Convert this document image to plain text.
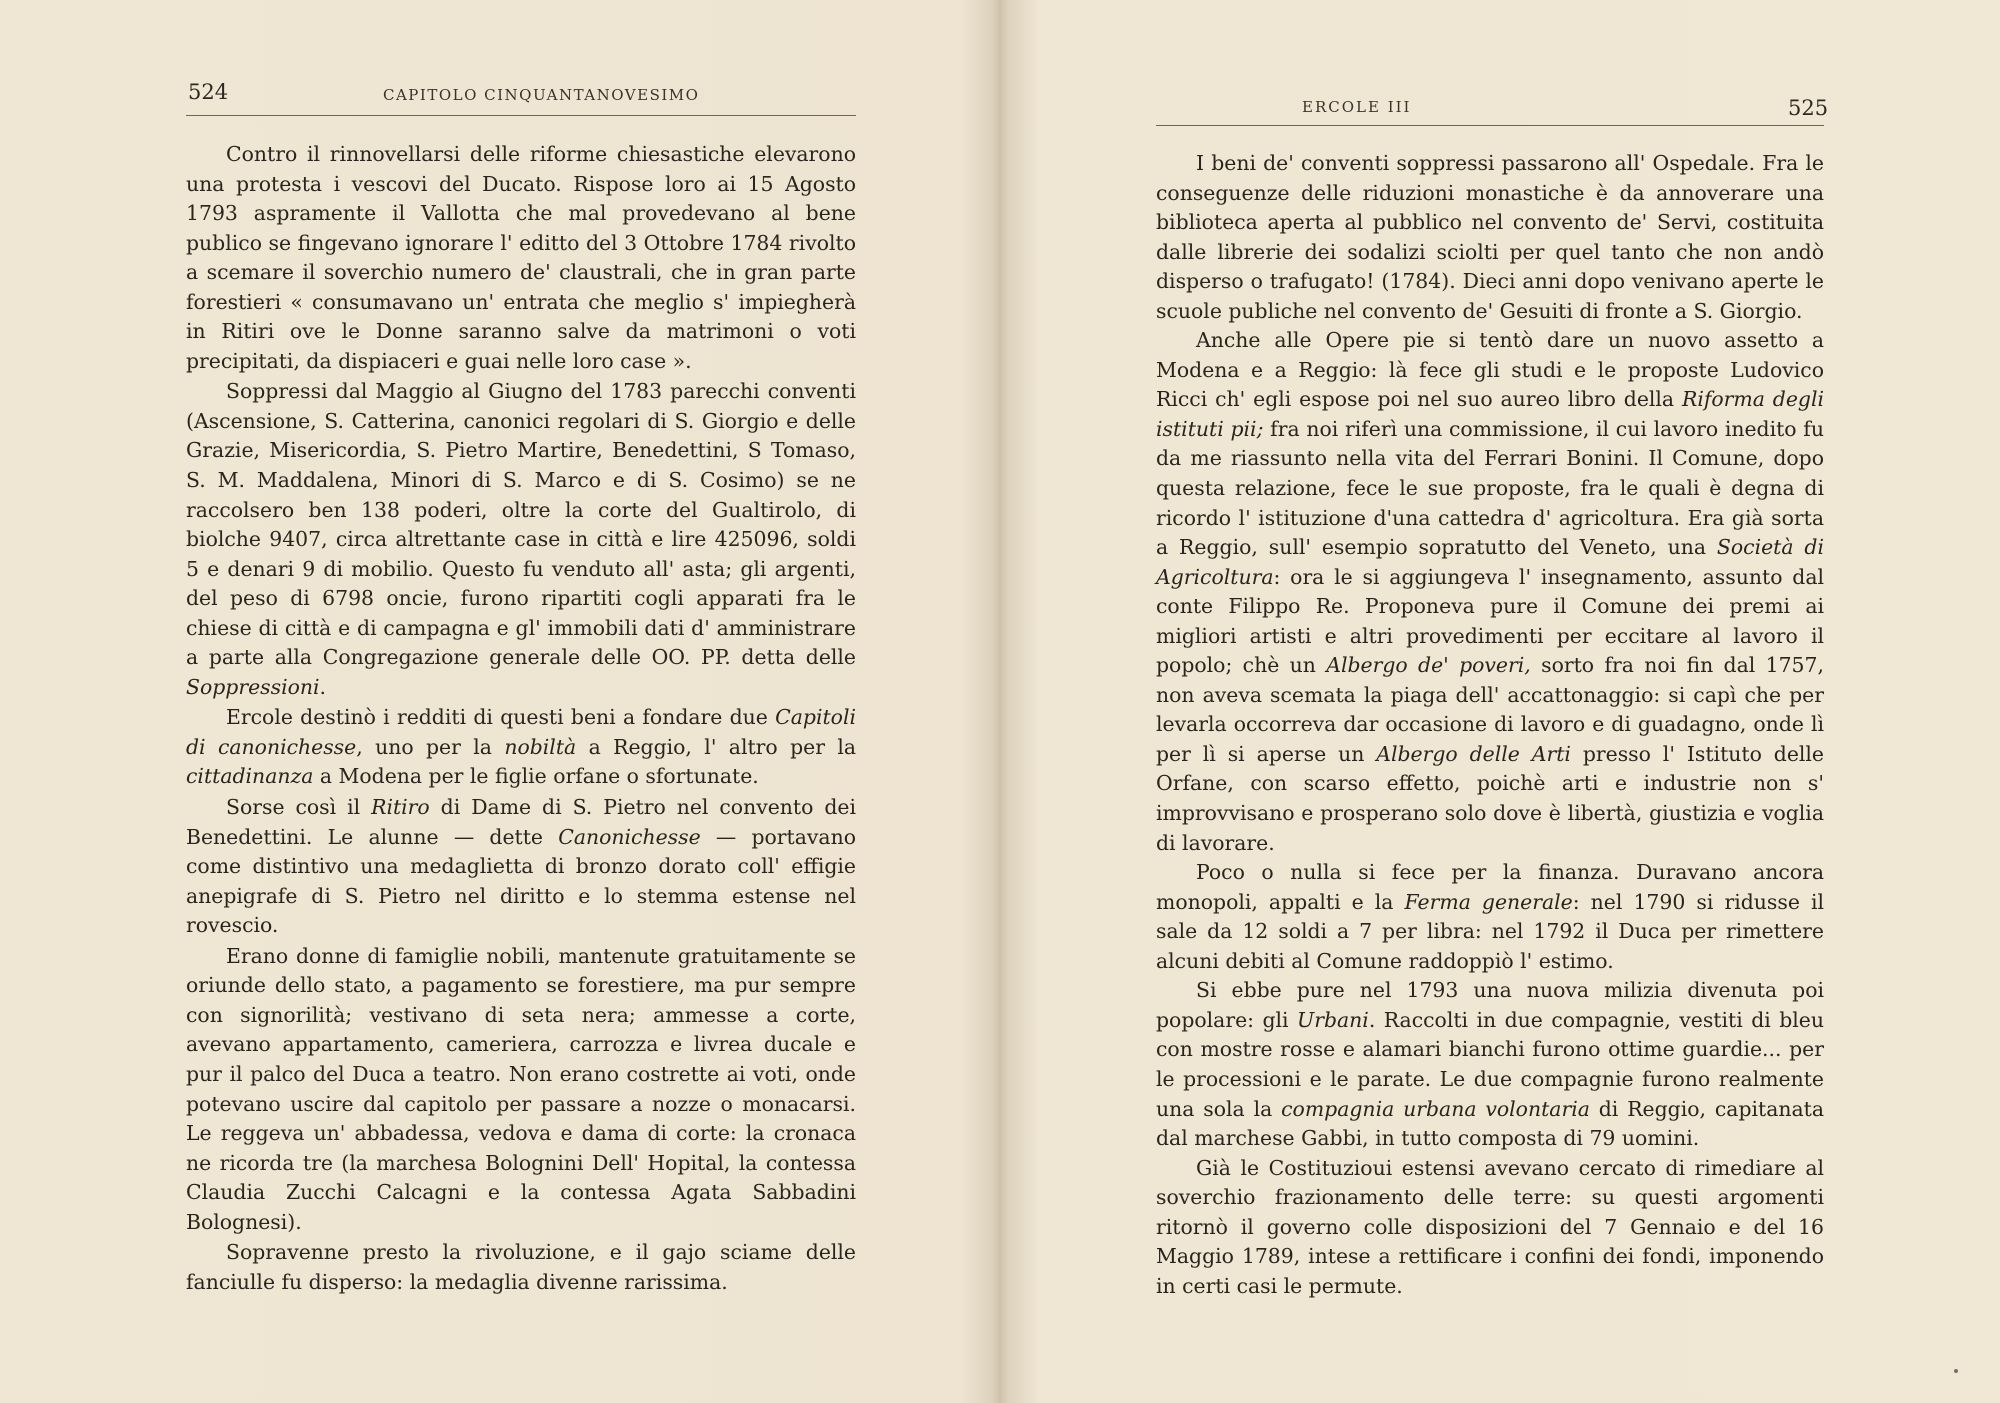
524	CAPITOLO CINQUANTANOVESIMO

Contro il rinnovellarsi delle riforme chiesastiche elevarono una protesta i vescovi del Ducato. Rispose loro ai 15 Agosto 1793 aspramente il Vallotta che mal provedevano al bene publico se fingevano ignorare l' editto del 3 Ottobre 1784 rivolto a scemare il soverchio numero de' claustrali, che in gran parte forestieri « consumavano un' entrata che meglio s' impiegherà in Ritiri ove le Donne saranno salve da matrimoni o voti precipitati, da dispiaceri e guai nelle loro case ».

Soppressi dal Maggio al Giugno del 1783 parecchi conventi (Ascensione, S. Catterina, canonici regolari di S. Giorgio e delle Grazie, Misericordia, S. Pietro Martire, Benedettini, S Tomaso, S. M. Maddalena, Minori di S. Marco e di S. Cosimo) se ne raccolsero ben 138 poderi, oltre la corte del Gualtirolo, di biolche 9407, circa altrettante case in città e lire 425096, soldi 5 e denari 9 di mobilio. Questo fu venduto all' asta; gli argenti, del peso di 6798 oncie, furono ripartiti cogli apparati fra le chiese di città e di campagna e gl' immobili dati d' amministrare a parte alla Congregazione generale delle OO. PP. detta delle Soppressioni.

Ercole destinò i redditi di questi beni a fondare due Capitoli di canonichesse, uno per la nobiltà a Reggio, l' altro per la cittadinanza a Modena per le figlie orfane o sfortunate.

Sorse così il Ritiro di Dame di S. Pietro nel convento dei Benedettini. Le alunne — dette Canonichesse — portavano come distintivo una medaglietta di bronzo dorato coll' effigie anepigrafe di S. Pietro nel diritto e lo stemma estense nel rovescio.

Erano donne di famiglie nobili, mantenute gratuitamente se oriunde dello stato, a pagamento se forestiere, ma pur sempre con signorilità; vestivano di seta nera; ammesse a corte, avevano appartamento, cameriera, carrozza e livrea ducale e pur il palco del Duca a teatro. Non erano costrette ai voti, onde potevano uscire dal capitolo per passare a nozze o monacarsi. Le reggeva un' abbadessa, vedova e dama di corte: la cronaca ne ricorda tre (la marchesa Bolognini Dell' Hopital, la contessa Claudia Zucchi Calcagni e la contessa Agata Sabbadini Bolognesi).

Sopravenne presto la rivoluzione, e il gajo sciame delle fanciulle fu disperso: la medaglia divenne rarissima.

ERCOLE III	525

I beni de' conventi soppressi passarono all' Ospedale. Fra le conseguenze delle riduzioni monastiche è da annoverare una biblioteca aperta al pubblico nel convento de' Servi, costituita dalle librerie dei sodalizi sciolti per quel tanto che non andò disperso o trafugato! (1784). Dieci anni dopo venivano aperte le scuole publiche nel convento de' Gesuiti di fronte a S. Giorgio.

Anche alle Opere pie si tentò dare un nuovo assetto a Modena e a Reggio: là fece gli studi e le proposte Ludovico Ricci ch' egli espose poi nel suo aureo libro della Riforma degli istituti pii; fra noi riferì una commissione, il cui lavoro inedito fu da me riassunto nella vita del Ferrari Bonini. Il Comune, dopo questa relazione, fece le sue proposte, fra le quali è degna di ricordo l' istituzione d'una cattedra d' agricoltura. Era già sorta a Reggio, sull' esempio sopratutto del Veneto, una Società di Agricoltura: ora le si aggiungeva l' insegnamento, assunto dal conte Filippo Re. Proponeva pure il Comune dei premi ai migliori artisti e altri provedimenti per eccitare al lavoro il popolo; chè un Albergo de' poveri, sorto fra noi fin dal 1757, non aveva scemata la piaga dell' accattonaggio: si capì che per levarla occorreva dar occasione di lavoro e di guadagno, onde lì per lì si aperse un Albergo delle Arti presso l' Istituto delle Orfane, con scarso effetto, poichè arti e industrie non s' improvvisano e prosperano solo dove è libertà, giustizia e voglia di lavorare.

Poco o nulla si fece per la finanza. Duravano ancora monopoli, appalti e la Ferma generale: nel 1790 si ridusse il sale da 12 soldi a 7 per libra: nel 1792 il Duca per rimettere alcuni debiti al Comune raddoppiò l' estimo.

Si ebbe pure nel 1793 una nuova milizia divenuta poi popolare: gli Urbani. Raccolti in due compagnie, vestiti di bleu con mostre rosse e alamari bianchi furono ottime guardie... per le processioni e le parate. Le due compagnie furono realmente una sola la compagnia urbana volontaria di Reggio, capitanata dal marchese Gabbi, in tutto composta di 79 uomini.

Già le Costituzioui estensi avevano cercato di rimediare al soverchio frazionamento delle terre: su questi argomenti ritornò il governo colle disposizioni del 7 Gennaio e del 16 Maggio 1789, intese a rettificare i confini dei fondi, imponendo in certi casi le permute.
